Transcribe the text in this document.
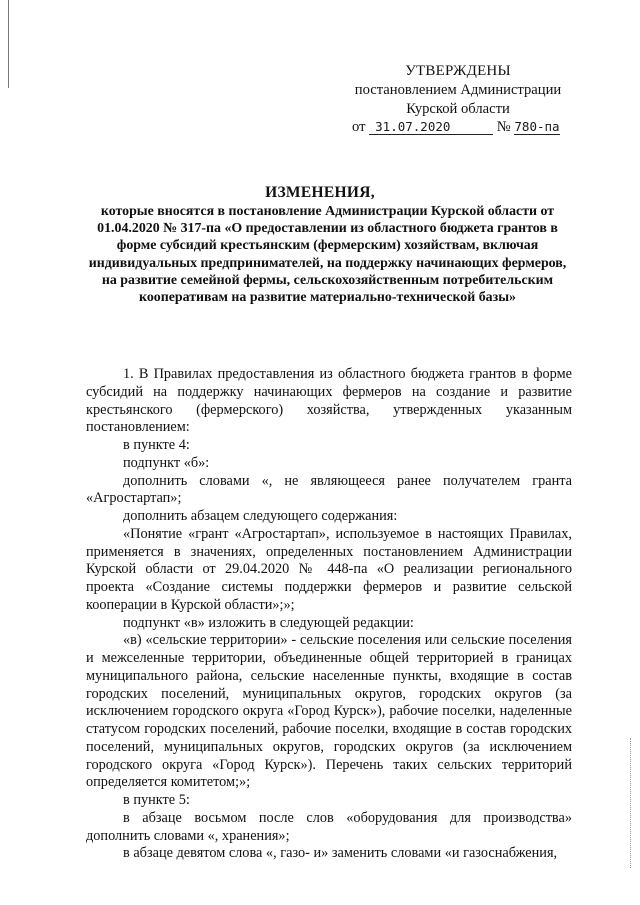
УТВЕРЖДЕНЫ
постановлением Администрации
Курской области
от 31.07.2020	№ 780-па
ИЗМЕНЕНИЯ,
которые вносятся в постановление Администрации Курской области от 01.04.2020 № 317-па «О предоставлении из областного бюджета грантов в форме субсидий крестьянским (фермерским) хозяйствам, включая индивидуальных предпринимателей, на поддержку начинающих фермеров, на развитие семейной фермы, сельскохозяйственным потребительским кооперативам на развитие материально-технической базы»

1. В Правилах предоставления из областного бюджета грантов в форме субсидий на поддержку начинающих фермеров на создание и развитие крестьянского (фермерского) хозяйства, утвержденных указанным постановлением:

в пункте 4:

подпункт «б»:

дополнить словами «, не являющееся ранее получателем гранта «Агростартап»;

дополнить абзацем следующего содержания:

«Понятие «грант «Агростартап», используемое в настоящих Правилах, применяется в значениях, определенных постановлением Администрации Курской области от 29.04.2020 № 448-па «О реализации регионального проекта «Создание системы поддержки фермеров и развитие сельской кооперации в Курской области»;»;

подпункт «в» изложить в следующей редакции:

«в) «сельские территории» - сельские поселения или сельские поселения и межселенные территории, объединенные общей территорией в границах муниципального района, сельские населенные пункты, входящие в состав городских поселений, муниципальных округов, городских округов (за исключением городского округа «Город Курск»), рабочие поселки, наделенные статусом городских поселений, рабочие поселки, входящие в состав городских поселений, муниципальных округов, городских округов (за исключением городского округа «Город Курск»). Перечень таких сельских территорий определяется комитетом;»;

в пункте 5:

в абзаце восьмом после слов «оборудования для производства» дополнить словами «, хранения»;

в абзаце девятом слова «, газо- и» заменить словами «и газоснабжения,
